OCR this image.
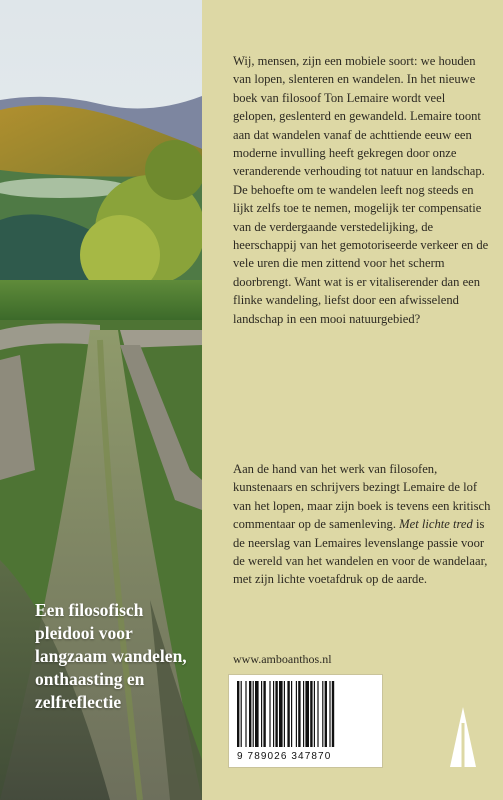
Wij, mensen, zijn een mobiele soort: we houden van lopen, slenteren en wandelen. In het nieuwe boek van filosoof Ton Lemaire wordt veel gelopen, geslenterd en gewandeld. Lemaire toont aan dat wandelen vanaf de achttiende eeuw een moderne invulling heeft gekregen door onze veranderende verhouding tot natuur en landschap. De behoefte om te wandelen leeft nog steeds en lijkt zelfs toe te nemen, mogelijk ter compensatie van de verdergaande verstedelijking, de heerschappij van het gemotoriseerde verkeer en de vele uren die men zittend voor het scherm doorbrengt. Want wat is er vitaliserender dan een flinke wandeling, liefst door een afwisselend landschap in een mooi natuurgebied?

Aan de hand van het werk van filosofen, kunstenaars en schrijvers bezingt Lemaire de lof van het lopen, maar zijn boek is tevens een kritisch commentaar op de samenleving. Met lichte tred is de neerslag van Lemaires levenslange passie voor de wereld van het wandelen en voor de wandelaar, met zijn lichte voetafdruk op de aarde.

Een filosofisch pleidooi voor langzaam wandelen, onthaasting en zelfreflectie

www.amboanthos.nl
9 789026 347870
